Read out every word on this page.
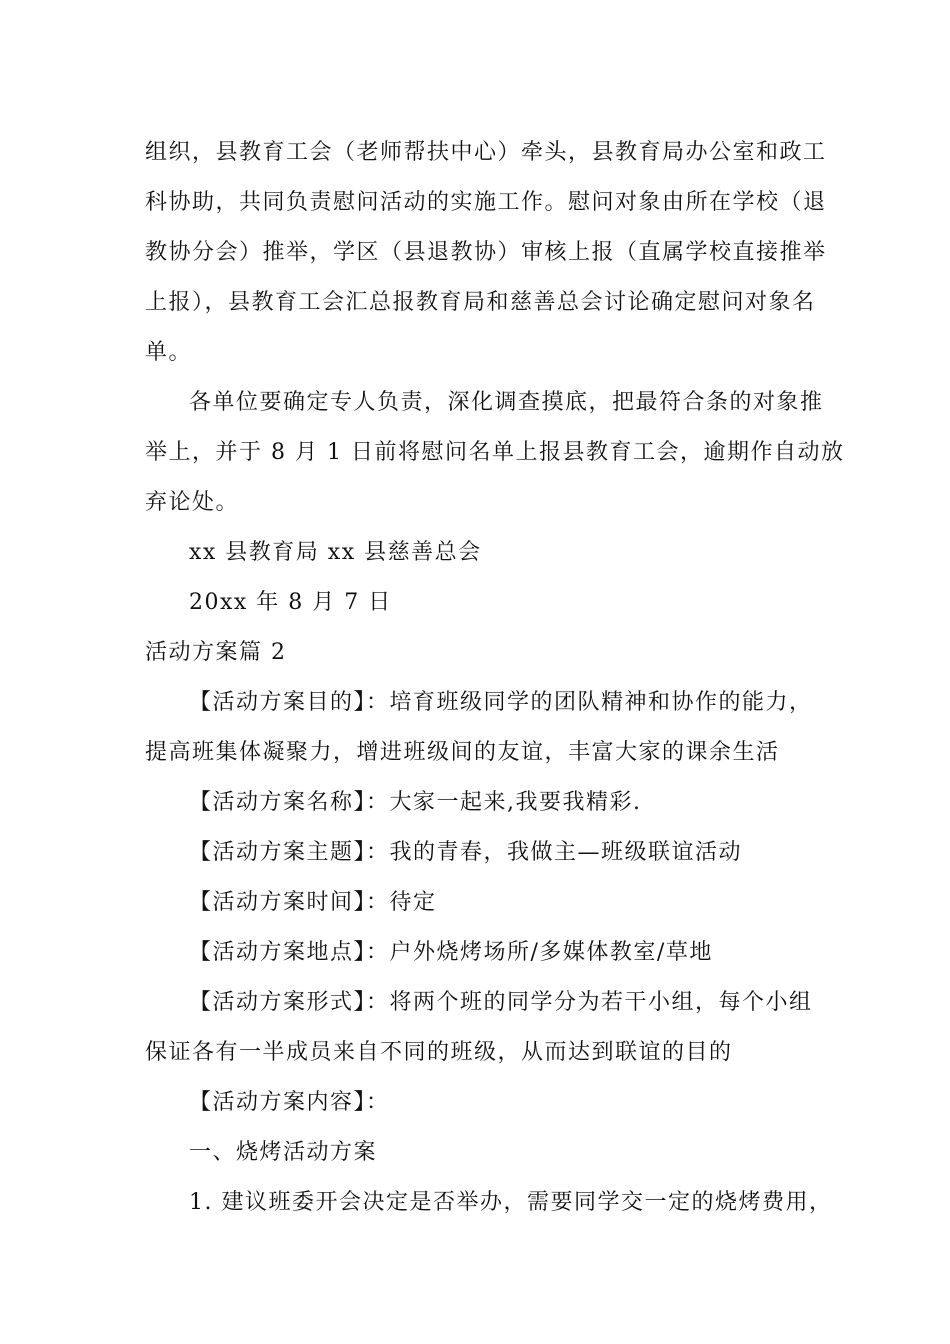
组织，县教育工会（老师帮扶中心）牵头，县教育局办公室和政工

科协助，共同负责慰问活动的实施工作。慰问对象由所在学校（退

教协分会）推举，学区（县退教协）审核上报（直属学校直接推举

上报），县教育工会汇总报教育局和慈善总会讨论确定慰问对象名

单。

各单位要确定专人负责，深化调查摸底，把最符合条的对象推

举上，并于 8 月 1 日前将慰问名单上报县教育工会，逾期作自动放

弃论处。

xx 县教育局 xx 县慈善总会

20xx 年 8 月 7 日

活动方案篇 2

【活动方案目的】：培育班级同学的团队精神和协作的能力，

提高班集体凝聚力，增进班级间的友谊，丰富大家的课余生活

【活动方案名称】：大家一起来,我要我精彩.

【活动方案主题】：我的青春，我做主—班级联谊活动

【活动方案时间】：待定

【活动方案地点】：户外烧烤场所/多媒体教室/草地

【活动方案形式】：将两个班的同学分为若干小组，每个小组

保证各有一半成员来自不同的班级，从而达到联谊的目的

【活动方案内容】：

一、烧烤活动方案

1. 建议班委开会决定是否举办，需要同学交一定的烧烤费用，
